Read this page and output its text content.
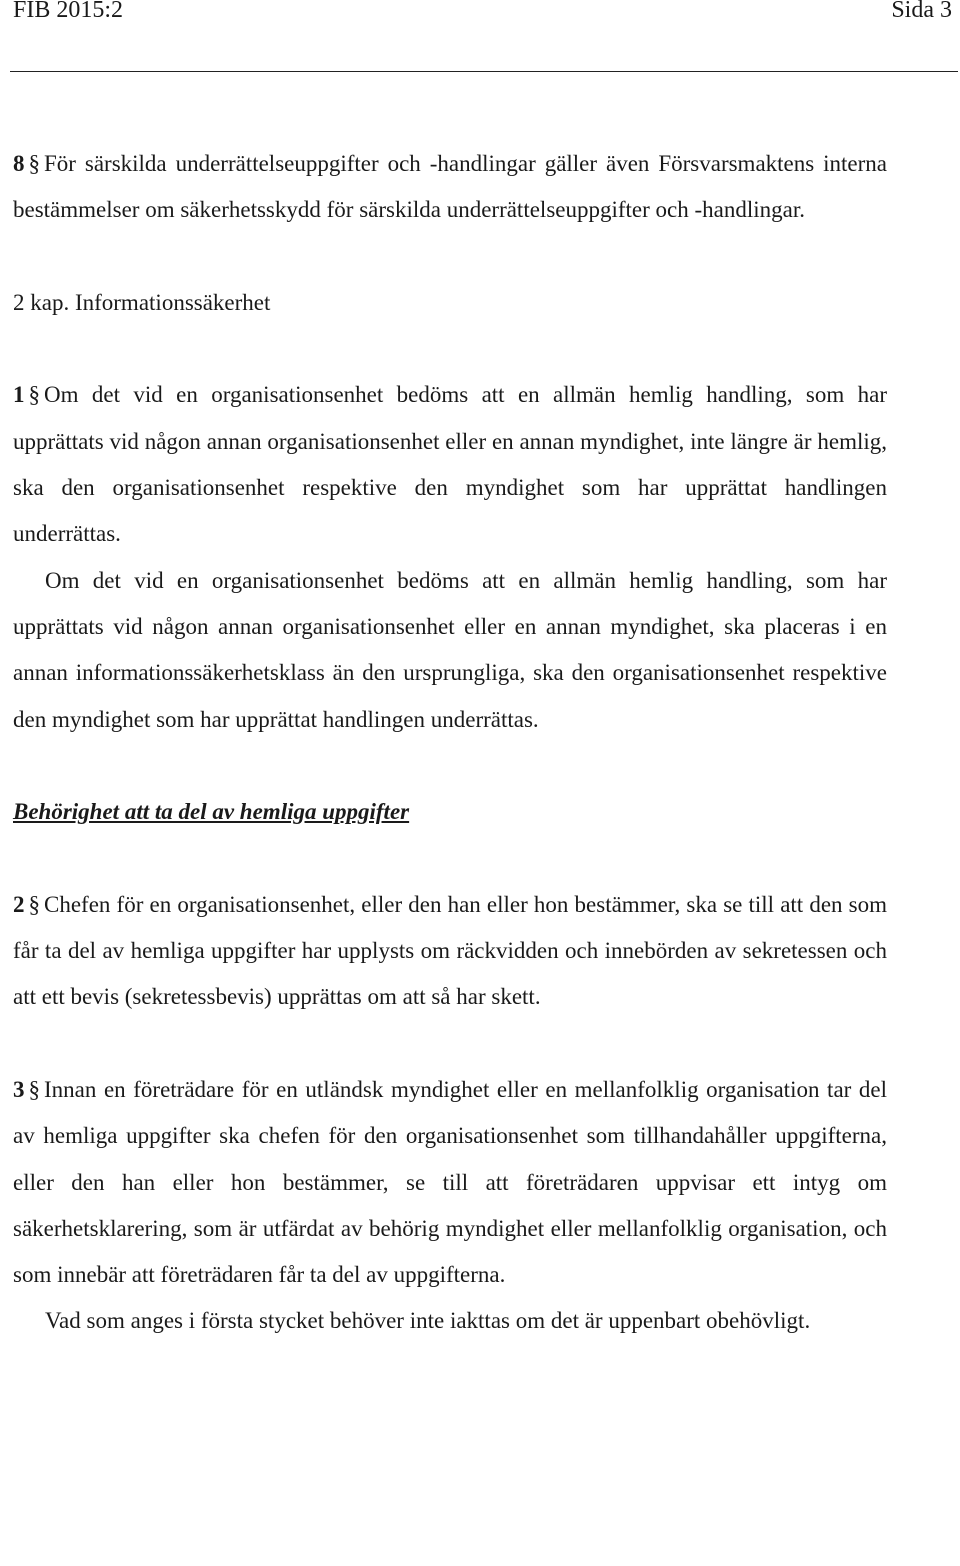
FIB 2015:2	Sida 3

8 § För särskilda underrättelseuppgifter och -handlingar gäller även Försvarsmaktens interna bestämmelser om säkerhetsskydd för särskilda underrättelseuppgifter och -handlingar.

2 kap. Informationssäkerhet

1 § Om det vid en organisationsenhet bedöms att en allmän hemlig handling, som har upprättats vid någon annan organisationsenhet eller en annan myndighet, inte längre är hemlig, ska den organisationsenhet respektive den myndighet som har upprättat handlingen underrättas.

Om det vid en organisationsenhet bedöms att en allmän hemlig handling, som har upprättats vid någon annan organisationsenhet eller en annan myndighet, ska placeras i en annan informationssäkerhetsklass än den ursprungliga, ska den organisationsenhet respektive den myndighet som har upprättat handlingen underrättas.

Behörighet att ta del av hemliga uppgifter

2 § Chefen för en organisationsenhet, eller den han eller hon bestämmer, ska se till att den som får ta del av hemliga uppgifter har upplysts om räckvidden och innebörden av sekretessen och att ett bevis (sekretessbevis) upprättas om att så har skett.

3 § Innan en företrädare för en utländsk myndighet eller en mellanfolklig organisation tar del av hemliga uppgifter ska chefen för den organisationsenhet som tillhandahåller uppgifterna, eller den han eller hon bestämmer, se till att företrädaren uppvisar ett intyg om säkerhetsklarering, som är utfärdat av behörig myndighet eller mellanfolklig organisation, och som innebär att företrädaren får ta del av uppgifterna.

Vad som anges i första stycket behöver inte iakttas om det är uppenbart obehövligt.
